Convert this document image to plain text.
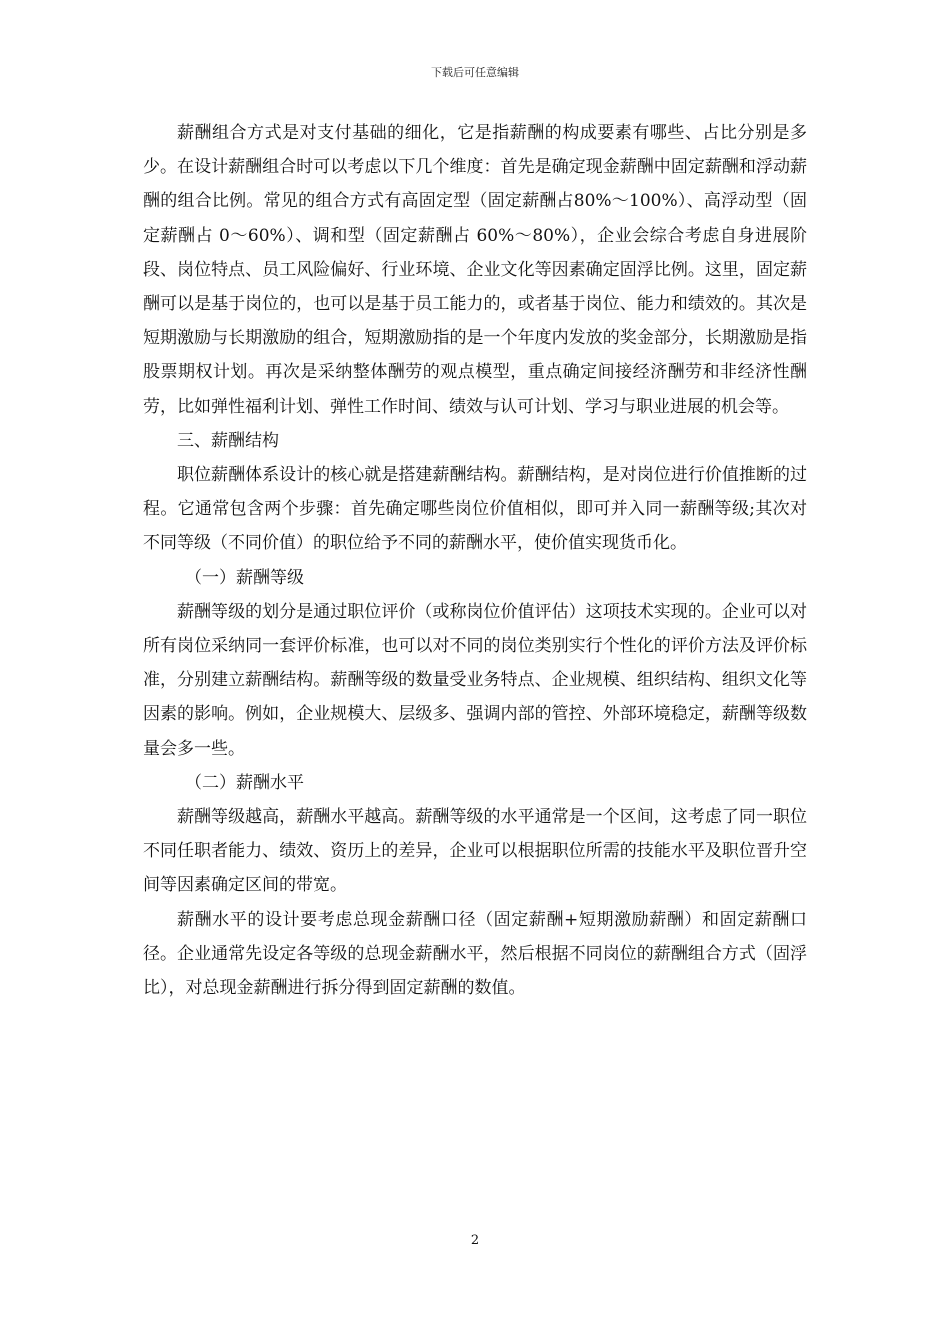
下载后可任意编辑

薪酬组合方式是对支付基础的细化，它是指薪酬的构成要素有哪些、占比分别是多少。在设计薪酬组合时可以考虑以下几个维度：首先是确定现金薪酬中固定薪酬和浮动薪酬的组合比例。常见的组合方式有高固定型（固定薪酬占80%～100%）、高浮动型（固定薪酬占 0～60%）、调和型（固定薪酬占 60%～80%），企业会综合考虑自身进展阶段、岗位特点、员工风险偏好、行业环境、企业文化等因素确定固浮比例。这里，固定薪酬可以是基于岗位的，也可以是基于员工能力的，或者基于岗位、能力和绩效的。其次是短期激励与长期激励的组合，短期激励指的是一个年度内发放的奖金部分，长期激励是指股票期权计划。再次是采纳整体酬劳的观点模型，重点确定间接经济酬劳和非经济性酬劳，比如弹性福利计划、弹性工作时间、绩效与认可计划、学习与职业进展的机会等。

三、薪酬结构

职位薪酬体系设计的核心就是搭建薪酬结构。薪酬结构，是对岗位进行价值推断的过程。它通常包含两个步骤：首先确定哪些岗位价值相似，即可并入同一薪酬等级;其次对不同等级（不同价值）的职位给予不同的薪酬水平，使价值实现货币化。

（一）薪酬等级

薪酬等级的划分是通过职位评价（或称岗位价值评估）这项技术实现的。企业可以对所有岗位采纳同一套评价标准，也可以对不同的岗位类别实行个性化的评价方法及评价标准，分别建立薪酬结构。薪酬等级的数量受业务特点、企业规模、组织结构、组织文化等因素的影响。例如，企业规模大、层级多、强调内部的管控、外部环境稳定，薪酬等级数量会多一些。

（二）薪酬水平

薪酬等级越高，薪酬水平越高。薪酬等级的水平通常是一个区间，这考虑了同一职位不同任职者能力、绩效、资历上的差异，企业可以根据职位所需的技能水平及职位晋升空间等因素确定区间的带宽。

薪酬水平的设计要考虑总现金薪酬口径（固定薪酬+短期激励薪酬）和固定薪酬口径。企业通常先设定各等级的总现金薪酬水平，然后根据不同岗位的薪酬组合方式（固浮比），对总现金薪酬进行拆分得到固定薪酬的数值。

2
